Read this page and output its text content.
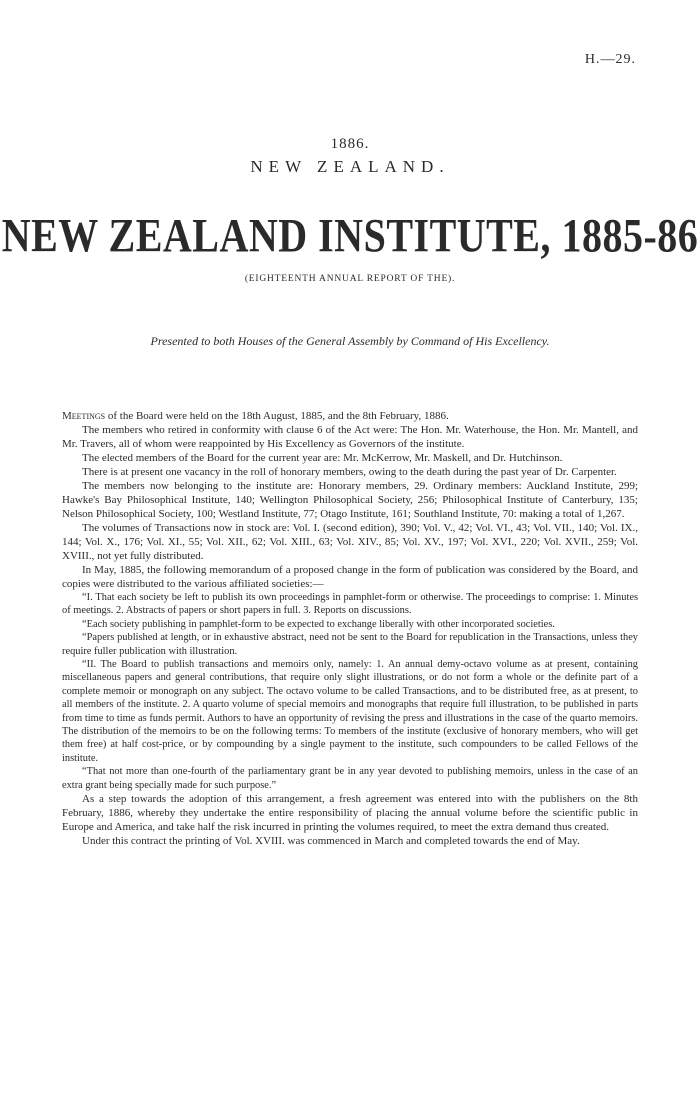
H.—29.
1886.
NEW ZEALAND.
NEW ZEALAND INSTITUTE, 1885-86
(EIGHTEENTH ANNUAL REPORT OF THE).
Presented to both Houses of the General Assembly by Command of His Excellency.

Meetings of the Board were held on the 18th August, 1885, and the 8th February, 1886.

The members who retired in conformity with clause 6 of the Act were: The Hon. Mr. Waterhouse, the Hon. Mr. Mantell, and Mr. Travers, all of whom were reappointed by His Excellency as Governors of the institute.

The elected members of the Board for the current year are: Mr. McKerrow, Mr. Maskell, and Dr. Hutchinson.

There is at present one vacancy in the roll of honorary members, owing to the death during the past year of Dr. Carpenter.

The members now belonging to the institute are: Honorary members, 29. Ordinary members: Auckland Institute, 299; Hawke's Bay Philosophical Institute, 140; Wellington Philosophical Society, 256; Philosophical Institute of Canterbury, 135; Nelson Philosophical Society, 100; Westland Institute, 77; Otago Institute, 161; Southland Institute, 70: making a total of 1,267.

The volumes of Transactions now in stock are: Vol. I. (second edition), 390; Vol. V., 42; Vol. VI., 43; Vol. VII., 140; Vol. IX., 144; Vol. X., 176; Vol. XI., 55; Vol. XII., 62; Vol. XIII., 63; Vol. XIV., 85; Vol. XV., 197; Vol. XVI., 220; Vol. XVII., 259; Vol. XVIII., not yet fully distributed.

In May, 1885, the following memorandum of a proposed change in the form of publication was considered by the Board, and copies were distributed to the various affiliated societies:—

“I. That each society be left to publish its own proceedings in pamphlet-form or otherwise. The proceedings to comprise: 1. Minutes of meetings. 2. Abstracts of papers or short papers in full. 3. Reports on discussions.

“Each society publishing in pamphlet-form to be expected to exchange liberally with other incorporated societies.

“Papers published at length, or in exhaustive abstract, need not be sent to the Board for republication in the Transactions, unless they require fuller publication with illustration.

“II. The Board to publish transactions and memoirs only, namely: 1. An annual demy-octavo volume as at present, containing miscellaneous papers and general contributions, that require only slight illustrations, or do not form a whole or the definite part of a complete memoir or monograph on any subject. The octavo volume to be called Transactions, and to be distributed free, as at present, to all members of the institute. 2. A quarto volume of special memoirs and monographs that require full illustration, to be published in parts from time to time as funds permit. Authors to have an opportunity of revising the press and illustrations in the case of the quarto memoirs. The distribution of the memoirs to be on the following terms: To members of the institute (exclusive of honorary members, who will get them free) at half cost-price, or by compounding by a single payment to the institute, such compounders to be called Fellows of the institute.

“That not more than one-fourth of the parliamentary grant be in any year devoted to publishing memoirs, unless in the case of an extra grant being specially made for such purpose.”

As a step towards the adoption of this arrangement, a fresh agreement was entered into with the publishers on the 8th February, 1886, whereby they undertake the entire responsibility of placing the annual volume before the scientific public in Europe and America, and take half the risk incurred in printing the volumes required, to meet the extra demand thus created.

Under this contract the printing of Vol. XVIII. was commenced in March and completed towards the end of May.
